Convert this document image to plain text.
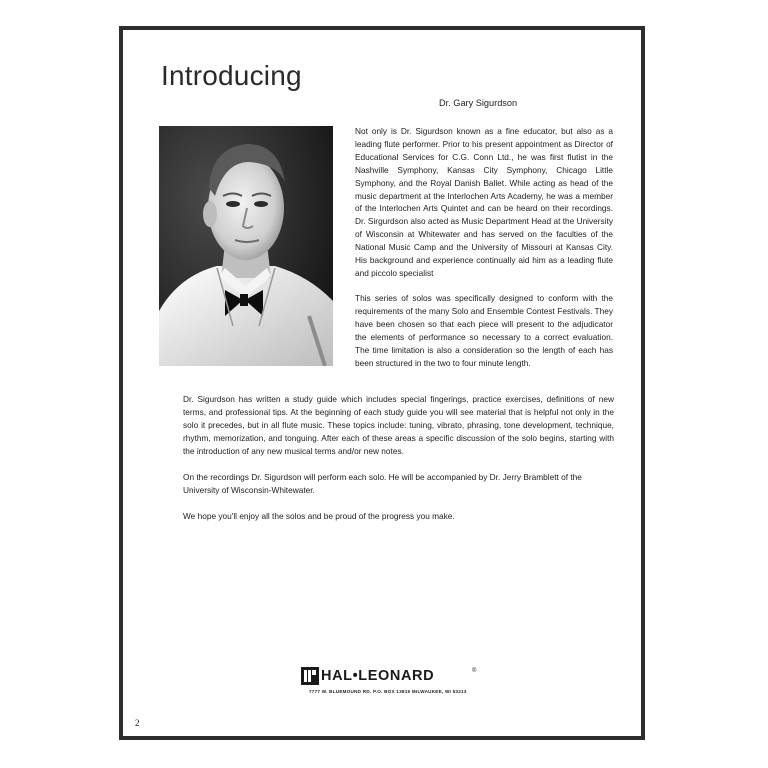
Introducing
Dr. Gary Sigurdson

Not only is Dr. Sigurdson known as a fine educator, but also as a leading flute performer. Prior to his present appointment as Director of Educational Services for C.G. Conn Ltd., he was first flutist in the Nashville Symphony, Kansas City Symphony, Chicago Little Symphony, and the Royal Danish Ballet. While acting as head of the music department at the Interlochen Arts Academy, he was a member of the Interlochen Arts Quintet and can be heard on their recordings. Dr. Sirgurdson also acted as Music Department Head at the University of Wisconsin at Whitewater and has served on the faculties of the National Music Camp and the University of Missouri at Kansas City. His background and experience continually aid him as a leading flute and piccolo specialist

This series of solos was specifically designed to conform with the requirements of the many Solo and Ensemble Contest Festivals. They have been chosen so that each piece will present to the adjudicator the elements of performance so necessary to a correct evaluation. The time limitation is also a consideration so the length of each has been structured in the two to four minute length.

Dr. Sigurdson has written a study guide which includes special fingerings, practice exercises, definitions of new terms, and professional tips. At the beginning of each study guide you will see material that is helpful not only in the solo it precedes, but in all flute music. These topics include: tuning, vibrato, phrasing, tone development, technique, rhythm, memorization, and tonguing. After each of these areas a specific discussion of the solo begins, starting with the introduction of any new musical terms and/or new notes.

On the recordings Dr. Sigurdson will perform each solo. He will be accompanied by Dr. Jerry Bramblett of the University of Wisconsin-Whitewater.

We hope you'll enjoy all the solos and be proud of the progress you make.

HAL•LEONARD	®
7777 W. BLUEMOUND RD. P.O. BOX 13819 MILWAUKEE, WI 53213
2
